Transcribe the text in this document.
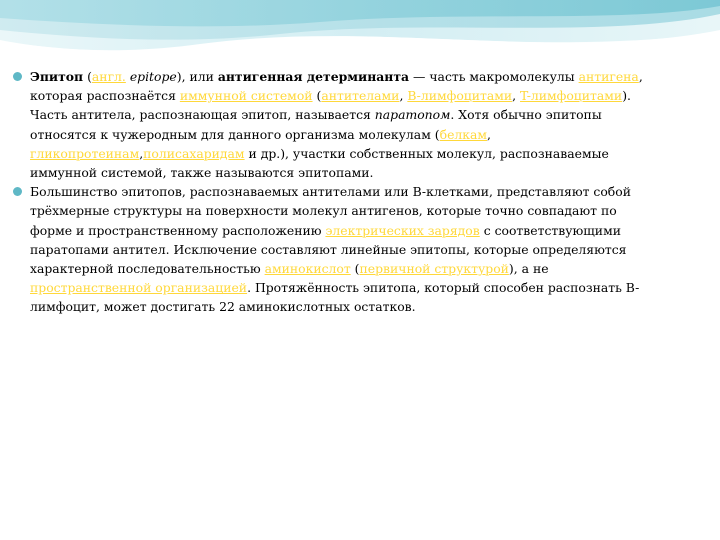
Эпитоп (англ. epitope), или антигенная детерминанта — часть макромолекулы антигена, которая распознаётся иммунной системой (антителами, B-лимфоцитами, T-лимфоцитами). Часть антитела, распознающая эпитоп, называется паратопом. Хотя обычно эпитопы относятся к чужеродным для данного организма молекулам (белкам, гликопротеинам,полисахаридам и др.), участки собственных молекул, распознаваемые иммунной системой, также называются эпитопами.
Большинство эпитопов, распознаваемых антителами или B-клетками, представляют собой трёхмерные структуры на поверхности молекул антигенов, которые точно совпадают по форме и пространственному расположению электрических зарядов с соответствующими паратопами антител. Исключение составляют линейные эпитопы, которые определяются характерной последовательностью аминокислот (первичной структурой), а не пространственной организацией. Протяжённость эпитопа, который способен распознать B-лимфоцит, может достигать 22 аминокислотных остатков.
